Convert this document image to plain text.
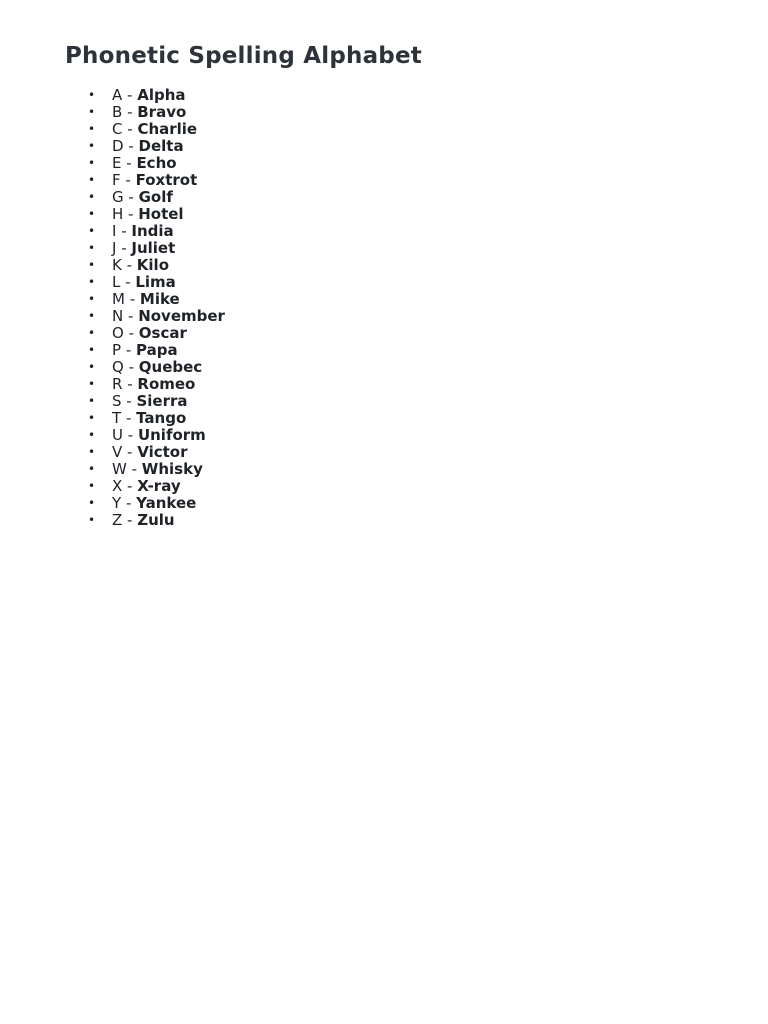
Phonetic Spelling Alphabet
• A - Alpha
• B - Bravo
• C - Charlie
• D - Delta
• E - Echo
• F - Foxtrot
• G - Golf
• H - Hotel
• I - India
• J - Juliet
• K - Kilo
• L - Lima
• M - Mike
• N - November
• O - Oscar
• P - Papa
• Q - Quebec
• R - Romeo
• S - Sierra
• T - Tango
• U - Uniform
• V - Victor
• W - Whisky
• X - X-ray
• Y - Yankee
• Z - Zulu
